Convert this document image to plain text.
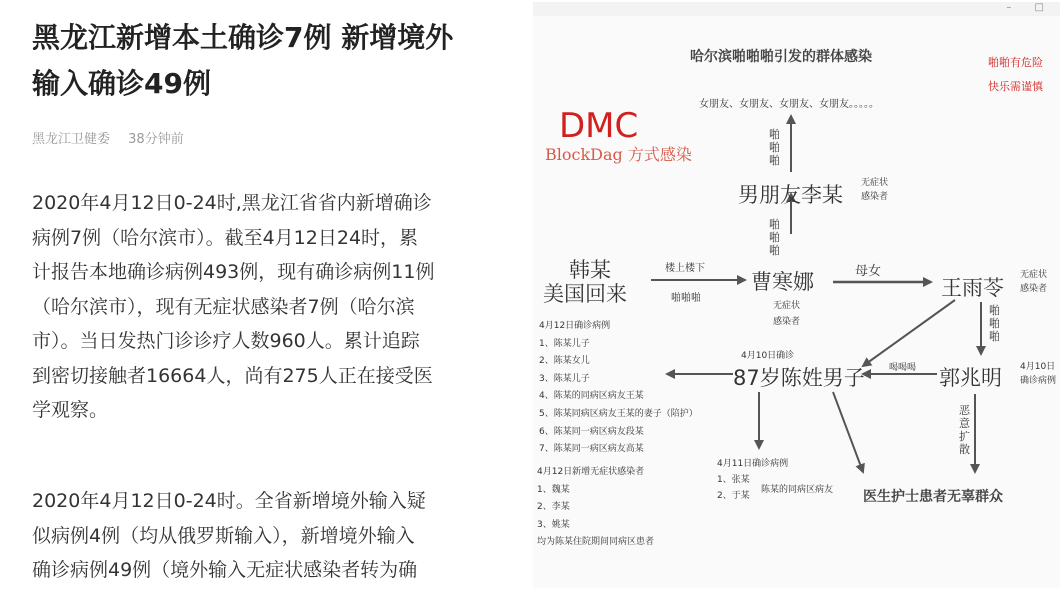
黑龙江新增本土确诊7例 新增境外
输入确诊49例
黑龙江卫健委 38分钟前
2020年4月12日0-24时,黑龙江省省内新增确诊
病例7例（哈尔滨市）。截至4月12日24时，累
计报告本地确诊病例493例，现有确诊病例11例
（哈尔滨市），现有无症状感染者7例（哈尔滨
市）。当日发热门诊诊疗人数960人。累计追踪
到密切接触者16664人，尚有275人正在接受医
学观察。
2020年4月12日0-24时。全省新增境外输入疑
似病例4例（均从俄罗斯输入），新增境外输入
确诊病例49例（境外输入无症状感染者转为确
– □
哈尔滨啪啪啪引发的群体感染	啪啪有危险
快乐需谨慎
女朋友、女朋友、女朋友、女朋友。。。。。
DMC
BlockDag 方式感染
啪啪啪
男朋友李某 无症状
感染者
啪啪啪
韩某
美国回来
楼上楼下
啪啪啪
曹寒娜
无症状
感染者
母女
王雨苓
无症状
感染者
啪啪啪
郭兆明 4月10日
确诊病例
喝喝喝
4月10日确诊
87岁陈姓男子
恶意扩散
4月12日确诊病例
1、陈某儿子
2、陈某女儿
3、陈某儿子
4、陈某的同病区病友王某
5、陈某同病区病友王某的妻子（陪护）
6、陈某同一病区病友段某
7、陈某同一病区病友高某
4月12日新增无症状感染者
1、魏某
2、李某
3、姚某
均为陈某住院期间同病区患者
4月11日确诊病例
1、张某
2、于某
陈某的同病区病友 医生护士患者无辜群众
